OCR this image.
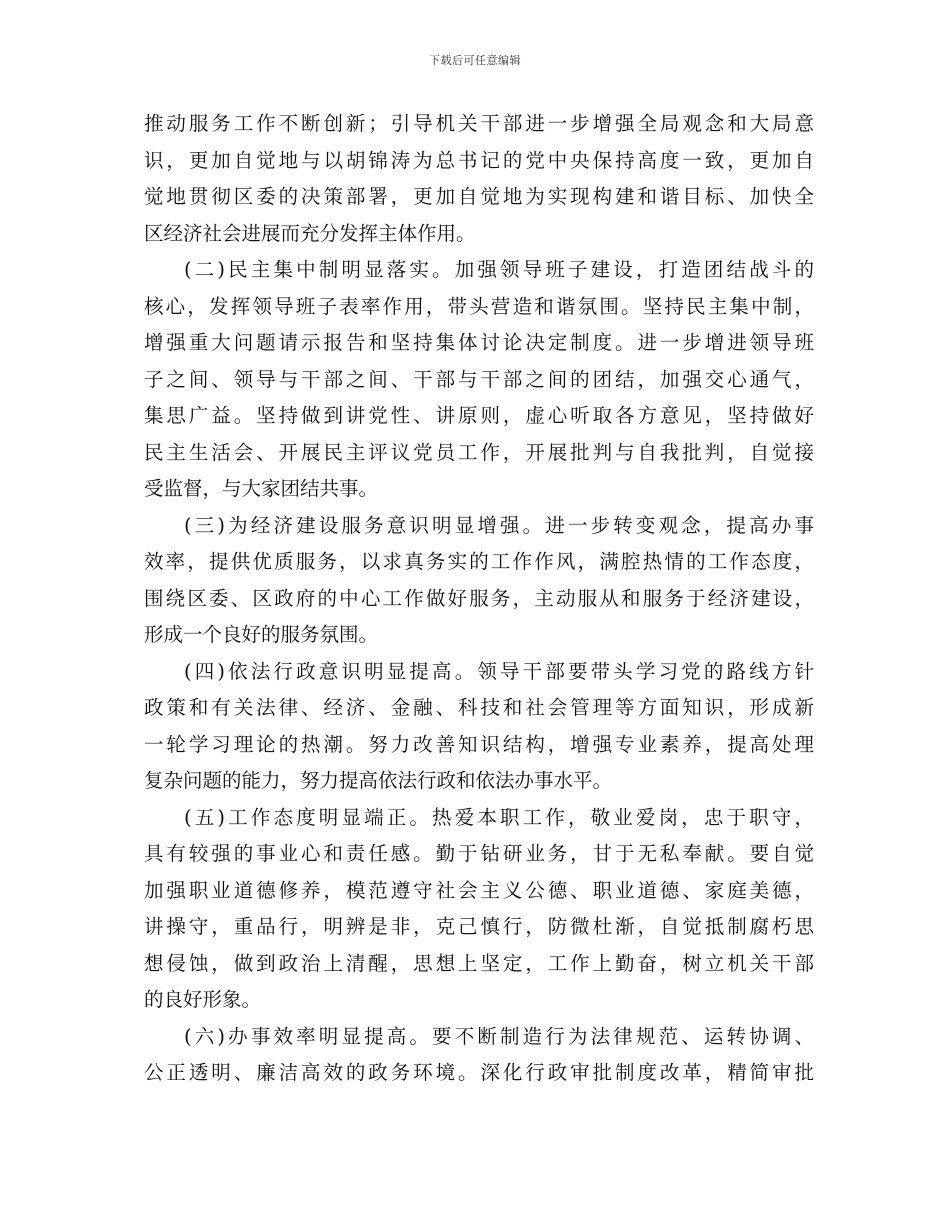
下载后可任意编辑
推动服务工作不断创新；引导机关干部进一步增强全局观念和大局意
识，更加自觉地与以胡锦涛为总书记的党中央保持高度一致，更加自
觉地贯彻区委的决策部署，更加自觉地为实现构建和谐目标、加快全
区经济社会进展而充分发挥主体作用。
(二)民主集中制明显落实。加强领导班子建设，打造团结战斗的
核心，发挥领导班子表率作用，带头营造和谐氛围。坚持民主集中制，
增强重大问题请示报告和坚持集体讨论决定制度。进一步增进领导班
子之间、领导与干部之间、干部与干部之间的团结，加强交心通气，
集思广益。坚持做到讲党性、讲原则，虚心听取各方意见，坚持做好
民主生活会、开展民主评议党员工作，开展批判与自我批判，自觉接
受监督，与大家团结共事。
(三)为经济建设服务意识明显增强。进一步转变观念，提高办事
效率，提供优质服务，以求真务实的工作作风，满腔热情的工作态度，
围绕区委、区政府的中心工作做好服务，主动服从和服务于经济建设，
形成一个良好的服务氛围。
(四)依法行政意识明显提高。领导干部要带头学习党的路线方针
政策和有关法律、经济、金融、科技和社会管理等方面知识，形成新
一轮学习理论的热潮。努力改善知识结构，增强专业素养，提高处理
复杂问题的能力，努力提高依法行政和依法办事水平。
(五)工作态度明显端正。热爱本职工作，敬业爱岗，忠于职守，
具有较强的事业心和责任感。勤于钻研业务，甘于无私奉献。要自觉
加强职业道德修养，模范遵守社会主义公德、职业道德、家庭美德，
讲操守，重品行，明辨是非，克己慎行，防微杜渐，自觉抵制腐朽思
想侵蚀，做到政治上清醒，思想上坚定，工作上勤奋，树立机关干部
的良好形象。
(六)办事效率明显提高。要不断制造行为法律规范、运转协调、
公正透明、廉洁高效的政务环境。深化行政审批制度改革，精简审批
